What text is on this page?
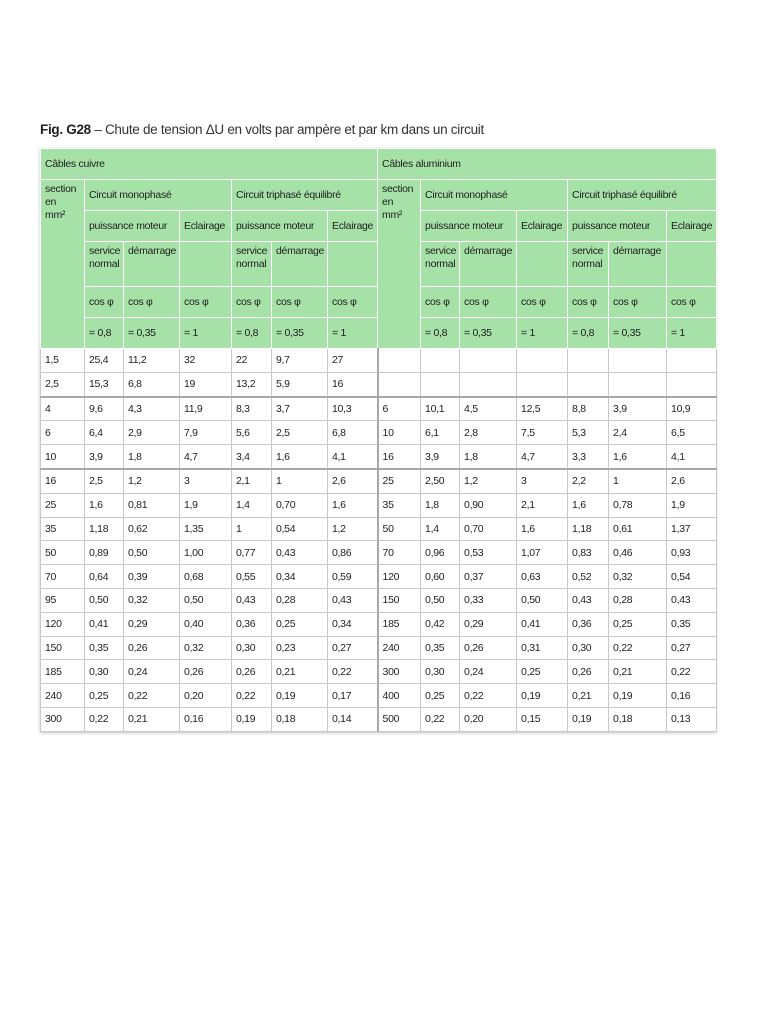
Fig. G28 – Chute de tension ΔU en volts par ampère et par km dans un circuit
Câbles cuivre							Câbles aluminium						
section
en
mm²	Circuit monophasé			Circuit triphasé équilibré			section
en
mm²	Circuit monophasé			Circuit triphasé équilibré		
	puissance moteur		Eclairage	puissance moteur		Eclairage		puissance moteur		Eclairage	puissance moteur		Eclairage
	service normal	démarrage		service normal	démarrage			service normal	démarrage		service normal	démarrage	
	cos φ	cos φ	cos φ	cos φ	cos φ	cos φ		cos φ	cos φ	cos φ	cos φ	cos φ	cos φ
	= 0,8	= 0,35	= 1	= 0,8	= 0,35	= 1		= 0,8	= 0,35	= 1	= 0,8	= 0,35	= 1
1,5	25,4	11,2	32	22	9,7	27							
2,5	15,3	6,8	19	13,2	5,9	16							
4	9,6	4,3	11,9	8,3	3,7	10,3	6	10,1	4,5	12,5	8,8	3,9	10,9
6	6,4	2,9	7,9	5,6	2,5	6,8	10	6,1	2,8	7,5	5,3	2,4	6,5
10	3,9	1,8	4,7	3,4	1,6	4,1	16	3,9	1,8	4,7	3,3	1,6	4,1
16	2,5	1,2	3	2,1	1	2,6	25	2,50	1,2	3	2,2	1	2,6
25	1,6	0,81	1,9	1,4	0,70	1,6	35	1,8	0,90	2,1	1,6	0,78	1,9
35	1,18	0,62	1,35	1	0,54	1,2	50	1,4	0,70	1,6	1,18	0,61	1,37
50	0,89	0,50	1,00	0,77	0,43	0,86	70	0,96	0,53	1,07	0,83	0,46	0,93
70	0,64	0,39	0,68	0,55	0,34	0,59	120	0,60	0,37	0,63	0,52	0,32	0,54
95	0,50	0,32	0,50	0,43	0,28	0,43	150	0,50	0,33	0,50	0,43	0,28	0,43
120	0,41	0,29	0,40	0,36	0,25	0,34	185	0,42	0,29	0,41	0,36	0,25	0,35
150	0,35	0,26	0,32	0,30	0,23	0,27	240	0,35	0,26	0,31	0,30	0,22	0,27
185	0,30	0,24	0,26	0,26	0,21	0,22	300	0,30	0,24	0,25	0,26	0,21	0,22
240	0,25	0,22	0,20	0,22	0,19	0,17	400	0,25	0,22	0,19	0,21	0,19	0,16
300	0,22	0,21	0,16	0,19	0,18	0,14	500	0,22	0,20	0,15	0,19	0,18	0,13
